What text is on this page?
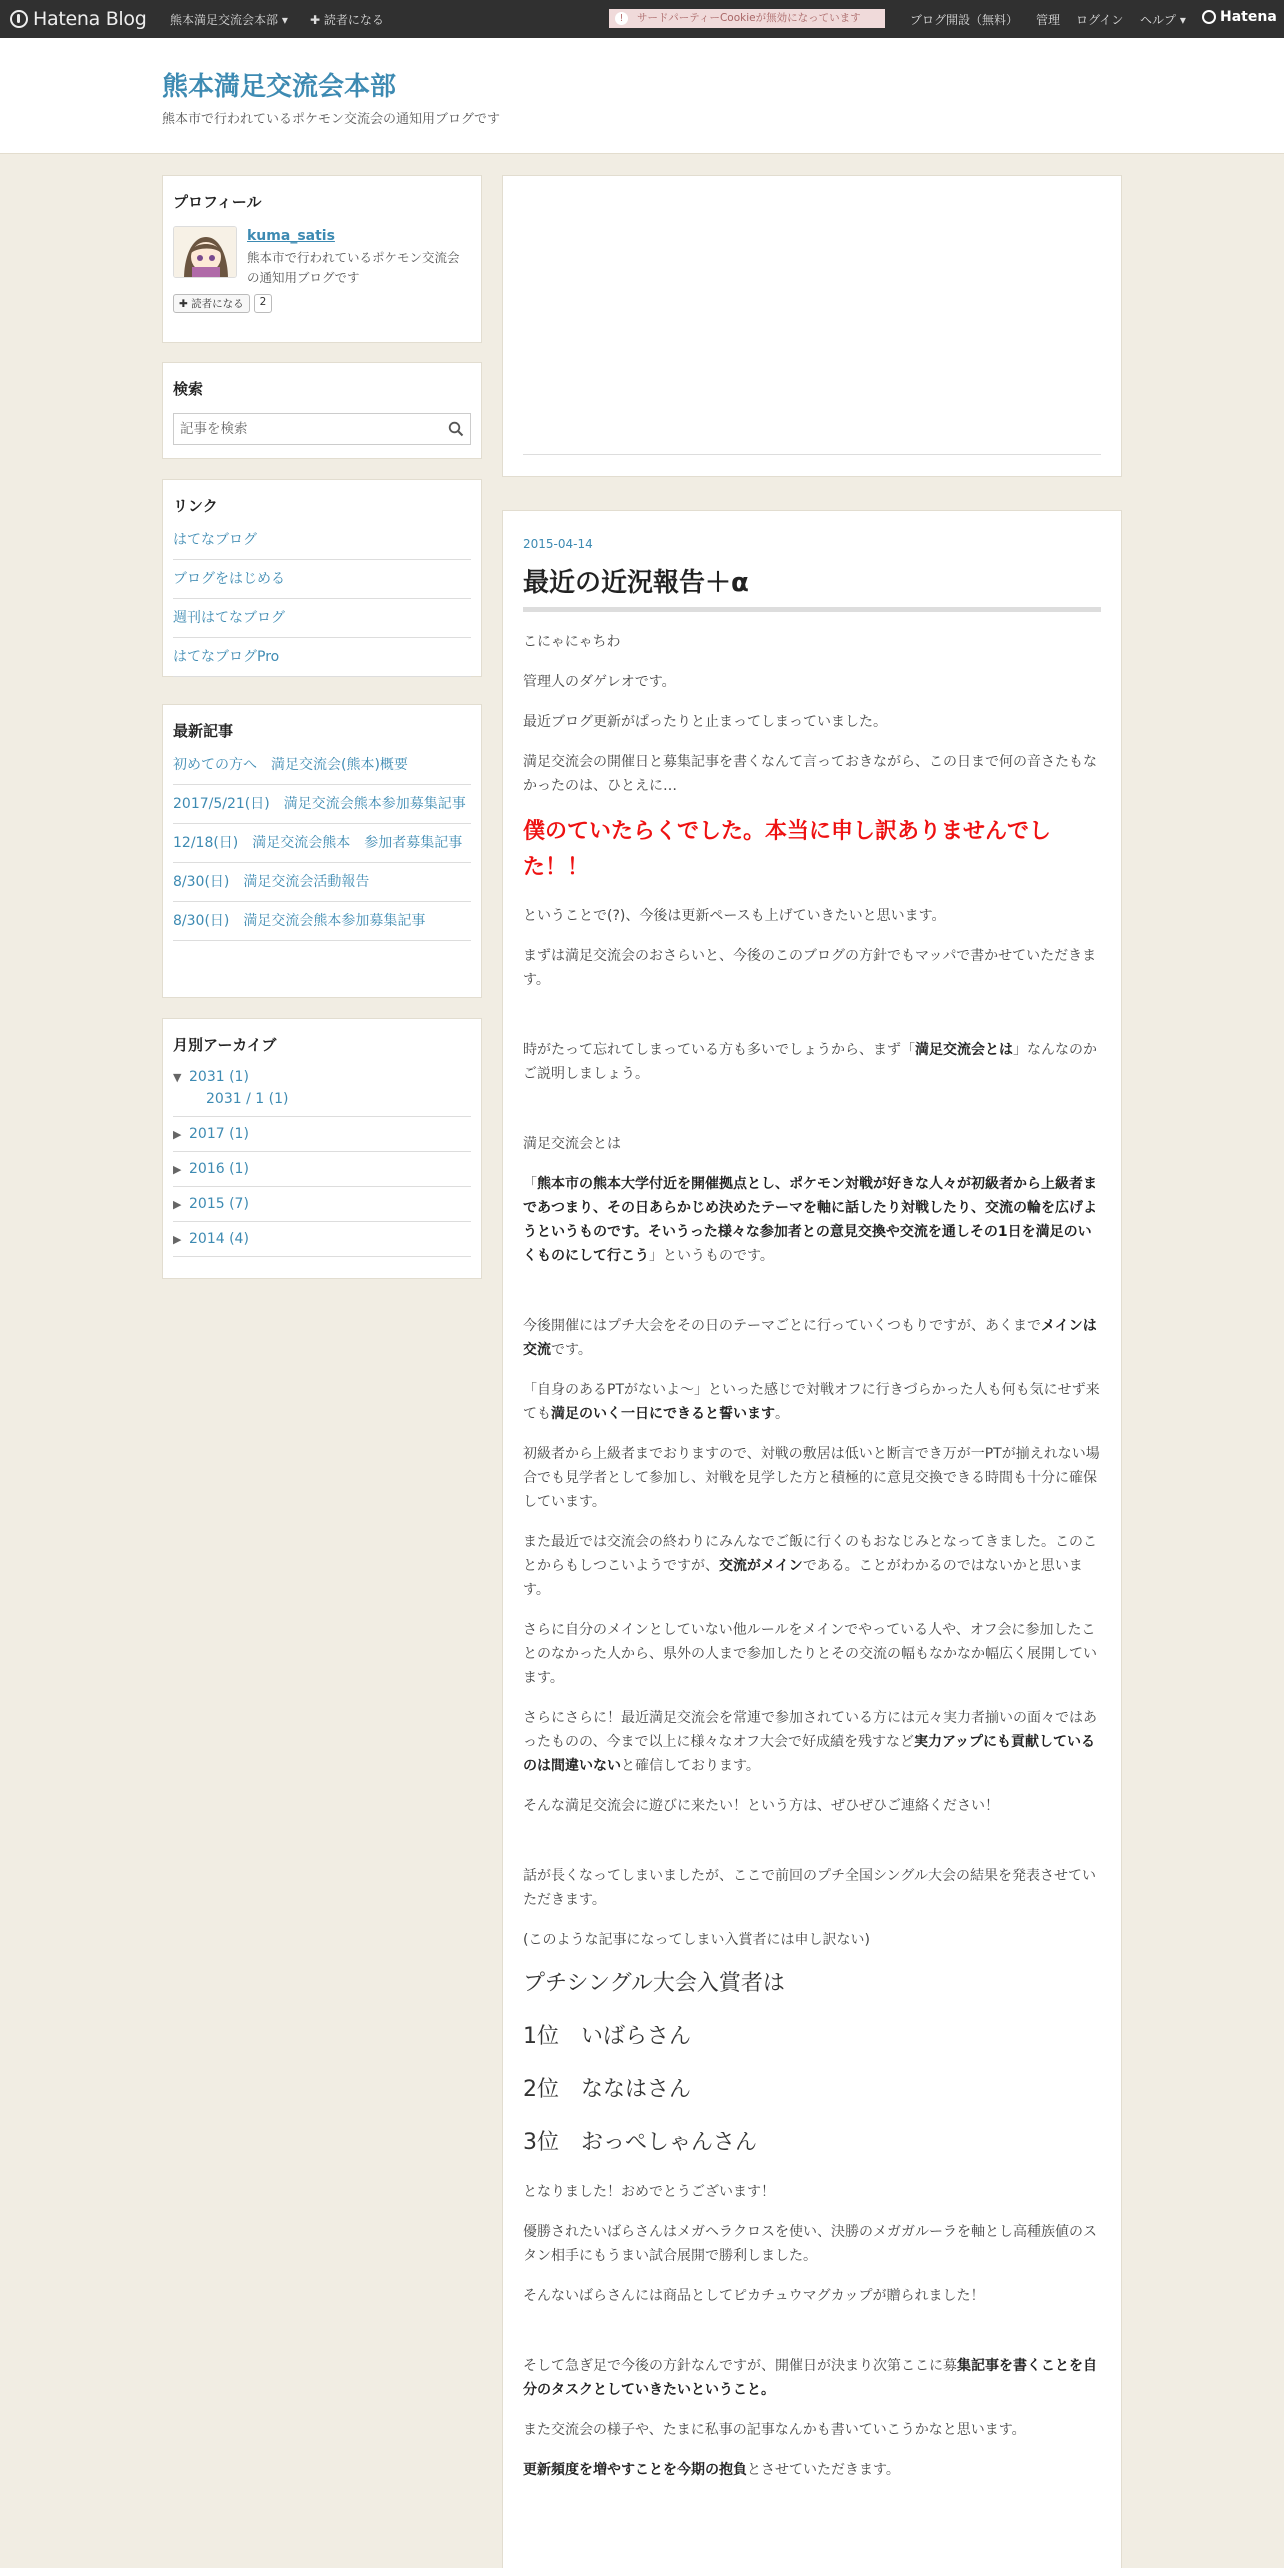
Hatena Blog 熊本満足交流会本部 ▾ ✚ 読者になる	!	サードパーティーCookieが無効になっています	ブログ開設（無料） 管理 ログイン ヘルプ ▾ Hatena
熊本満足交流会本部
熊本市で行われているポケモン交流会の通知用ブログです
プロフィール
kuma_satis
熊本市で行われているポケモン交流会の通知用ブログです
✚ 読者になる	2
検索
記事を検索
リンク
はてなブログ
ブログをはじめる
週刊はてなブログ
はてなブログPro
最新記事
初めての方へ　満足交流会(熊本)概要
2017/5/21(日)　満足交流会熊本参加募集記事
12/18(日)　満足交流会熊本　参加者募集記事
8/30(日)　満足交流会活動報告
8/30(日)　満足交流会熊本参加募集記事
月別アーカイブ
▼ 2031 (1)
2031 / 1 (1)
▶ 2017 (1)
▶ 2016 (1)
▶ 2015 (7)
▶ 2014 (4)
2015-04-14
最近の近況報告＋α

こにゃにゃちわ

管理人のダゲレオです。

最近ブログ更新がぱったりと止まってしまっていました。

満足交流会の開催日と募集記事を書くなんて言っておきながら、この日まで何の音さたもなかったのは、ひとえに…

僕のていたらくでした。本当に申し訳ありませんでした！！

ということで(?)、今後は更新ペースも上げていきたいと思います。

まずは満足交流会のおさらいと、今後のこのブログの方針でもマッパで書かせていただきます。

時がたって忘れてしまっている方も多いでしょうから、まず「満足交流会とは」なんなのかご説明しましょう。

満足交流会とは

「熊本市の熊本大学付近を開催拠点とし、ポケモン対戦が好きな人々が初級者から上級者まであつまり、その日あらかじめ決めたテーマを軸に話したり対戦したり、交流の輪を広げようというものです。そいうった様々な参加者との意見交換や交流を通しその1日を満足のいくものにして行こう」というものです。

今後開催にはプチ大会をその日のテーマごとに行っていくつもりですが、あくまでメインは交流です。

「自身のあるPTがないよ～」といった感じで対戦オフに行きづらかった人も何も気にせず来ても満足のいく一日にできると誓います。

初級者から上級者までおりますので、対戦の敷居は低いと断言でき万が一PTが揃えれない場合でも見学者として参加し、対戦を見学した方と積極的に意見交換できる時間も十分に確保しています。

また最近では交流会の終わりにみんなでご飯に行くのもおなじみとなってきました。このことからもしつこいようですが、交流がメインである。ことがわかるのではないかと思います。

さらに自分のメインとしていない他ルールをメインでやっている人や、オフ会に参加したことのなかった人から、県外の人まで参加したりとその交流の幅もなかなか幅広く展開しています。

さらにさらに！最近満足交流会を常連で参加されている方には元々実力者揃いの面々ではあったものの、今まで以上に様々なオフ大会で好成績を残すなど実力アップにも貢献しているのは間違いないと確信しております。

そんな満足交流会に遊びに来たい！という方は、ぜひぜひご連絡ください！

話が長くなってしまいましたが、ここで前回のプチ全国シングル大会の結果を発表させていただきます。

(このような記事になってしまい入賞者には申し訳ない)

プチシングル大会入賞者は

1位　いばらさん

2位　ななはさん

3位　おっぺしゃんさん

となりました！おめでとうございます！

優勝されたいばらさんはメガヘラクロスを使い、決勝のメガガルーラを軸とし高種族値のスタン相手にもうまい試合展開で勝利しました。

そんないばらさんには商品としてピカチュウマグカップが贈られました！

そして急ぎ足で今後の方針なんですが、開催日が決まり次第ここに募集記事を書くことを自分のタスクとしていきたいということ。

また交流会の様子や、たまに私事の記事なんかも書いていこうかなと思います。

更新頻度を増やすことを今期の抱負とさせていただきます。
